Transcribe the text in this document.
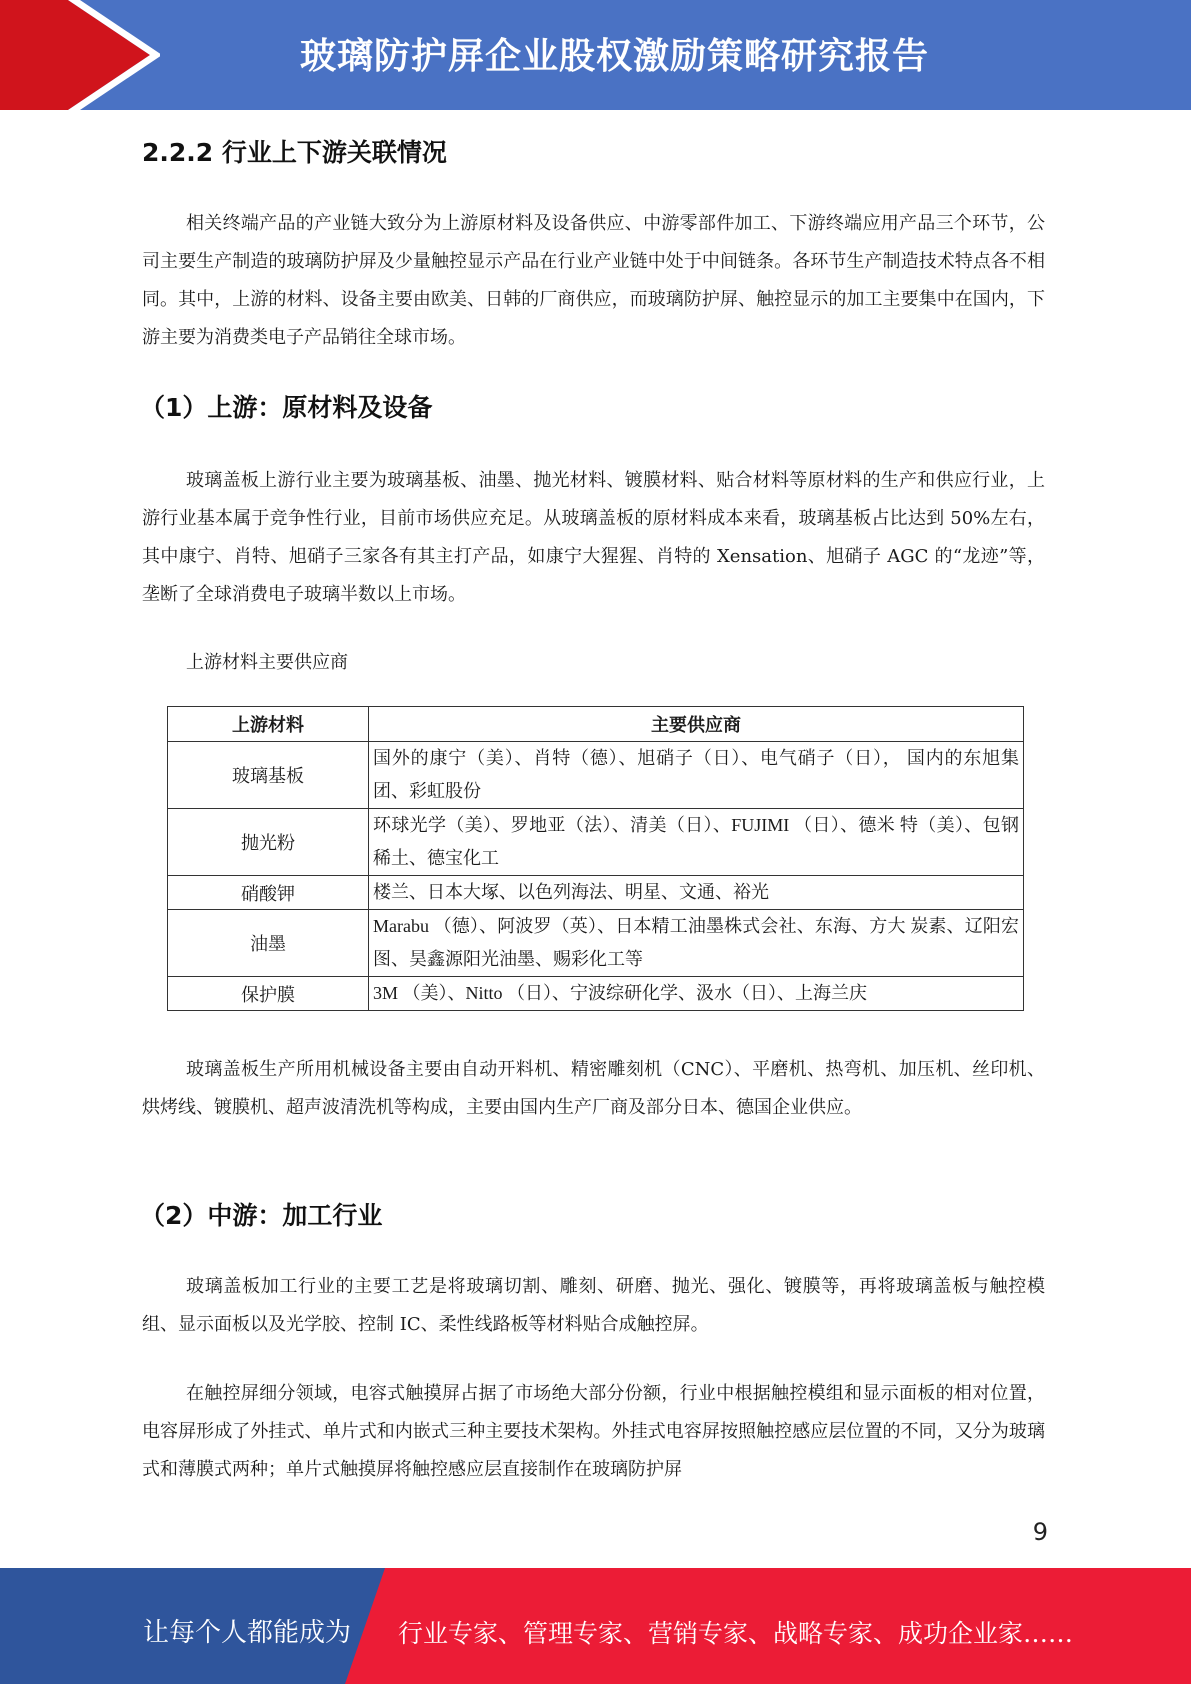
玻璃防护屏企业股权激励策略研究报告
2.2.2 行业上下游关联情况

相关终端产品的产业链大致分为上游原材料及设备供应、中游零部件加工、下游终端应用产品三个环节，公司主要生产制造的玻璃防护屏及少量触控显示产品在行业产业链中处于中间链条。各环节生产制造技术特点各不相同。其中，上游的材料、设备主要由欧美、日韩的厂商供应，而玻璃防护屏、触控显示的加工主要集中在国内，下游主要为消费类电子产品销往全球市场。

（1）上游：原材料及设备

玻璃盖板上游行业主要为玻璃基板、油墨、抛光材料、镀膜材料、贴合材料等原材料的生产和供应行业，上游行业基本属于竞争性行业，目前市场供应充足。从玻璃盖板的原材料成本来看，玻璃基板占比达到 50%左右，其中康宁、肖特、旭硝子三家各有其主打产品，如康宁大猩猩、肖特的 Xensation、旭硝子 AGC 的“龙迹”等，垄断了全球消费电子玻璃半数以上市场。

上游材料主要供应商
上游材料	主要供应商
玻璃基板	国外的康宁（美）、肖特（德）、旭硝子（日）、电气硝子（日）， 国内的东旭集团、彩虹股份
抛光粉	环球光学（美）、罗地亚（法）、清美（日）、FUJIMI （日）、德米 特（美）、包钢稀土、德宝化工
硝酸钾	楼兰、日本大塚、以色列海法、明星、文通、裕光
油墨	Marabu （德）、阿波罗（英）、日本精工油墨株式会社、东海、方大 炭素、辽阳宏图、昊鑫源阳光油墨、赐彩化工等
保护膜	3M （美）、Nitto （日）、宁波综研化学、汲水（日）、上海兰庆

玻璃盖板生产所用机械设备主要由自动开料机、精密雕刻机（CNC）、平磨机、热弯机、加压机、丝印机、烘烤线、镀膜机、超声波清洗机等构成，主要由国内生产厂商及部分日本、德国企业供应。

（2）中游：加工行业

玻璃盖板加工行业的主要工艺是将玻璃切割、雕刻、研磨、抛光、强化、镀膜等，再将玻璃盖板与触控模组、显示面板以及光学胶、控制 IC、柔性线路板等材料贴合成触控屏。

在触控屏细分领域，电容式触摸屏占据了市场绝大部分份额，行业中根据触控模组和显示面板的相对位置，电容屏形成了外挂式、单片式和内嵌式三种主要技术架构。外挂式电容屏按照触控感应层位置的不同，又分为玻璃式和薄膜式两种；单片式触摸屏将触控感应层直接制作在玻璃防护屏

9
让每个人都能成为 行业专家、管理专家、营销专家、战略专家、成功企业家……
